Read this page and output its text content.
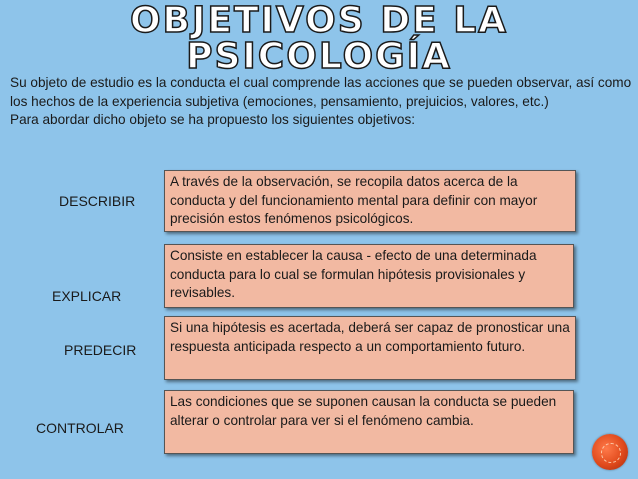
OBJETIVOS DE LA
PSICOLOGÍA

Su objeto de estudio es la conducta el cual comprende las acciones que se pueden observar, así como los hechos de la experiencia subjetiva (emociones, pensamiento, prejuicios, valores, etc.)

Para abordar dicho objeto se ha propuesto los siguientes objetivos:

DESCRIBIR
A través de la observación, se recopila datos acerca de la conducta y del funcionamiento mental para definir con mayor precisión estos fenómenos psicológicos.
EXPLICAR
Consiste en establecer la causa - efecto de una determinada conducta para lo cual se formulan hipótesis provisionales y revisables.
PREDECIR
Si una hipótesis es acertada, deberá ser capaz de pronosticar una respuesta anticipada respecto a un comportamiento futuro.
CONTROLAR
Las condiciones que se suponen causan la conducta se pueden alterar o controlar para ver si el fenómeno cambia.
